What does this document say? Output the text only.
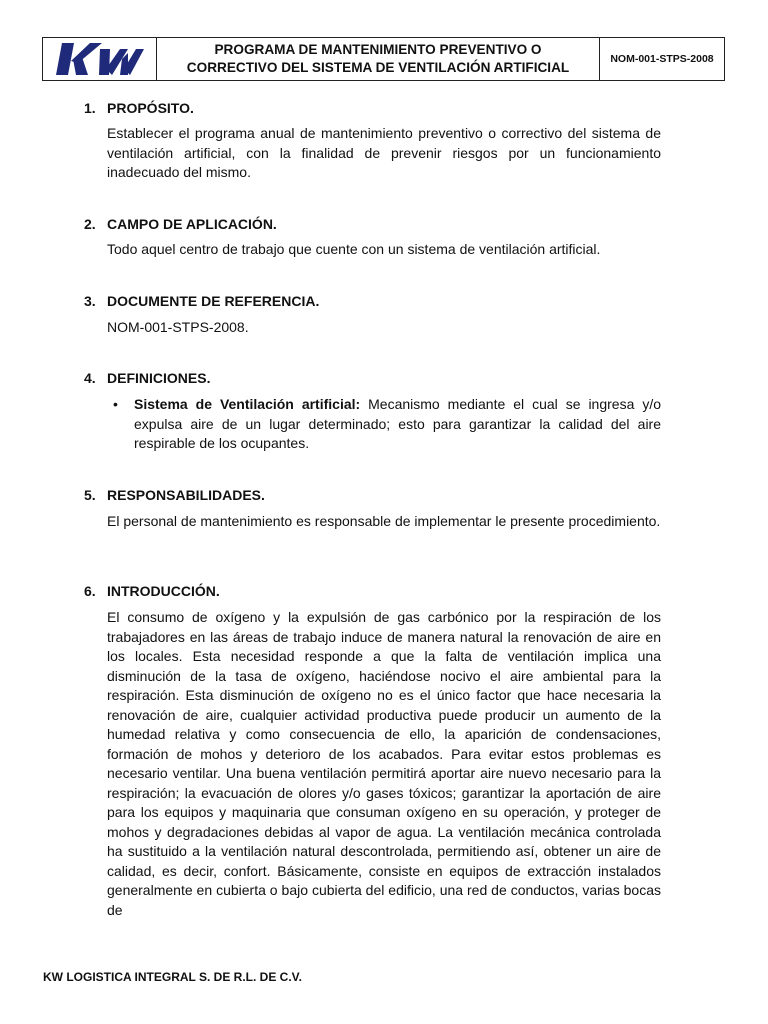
PROGRAMA DE MANTENIMIENTO PREVENTIVO O
CORRECTIVO DEL SISTEMA DE VENTILACIÓN ARTIFICIAL
NOM-001-STPS-2008
1. PROPÓSITO.

Establecer el programa anual de mantenimiento preventivo o correctivo del sistema de ventilación artificial, con la finalidad de prevenir riesgos por un funcionamiento inadecuado del mismo.

2. CAMPO DE APLICACIÓN.

Todo aquel centro de trabajo que cuente con un sistema de ventilación artificial.

3. DOCUMENTE DE REFERENCIA.

NOM-001-STPS-2008.

4. DEFINICIONES.
• Sistema de Ventilación artificial: Mecanismo mediante el cual se ingresa y/o expulsa aire de un lugar determinado; esto para garantizar la calidad del aire respirable de los ocupantes.
5. RESPONSABILIDADES.

El personal de mantenimiento es responsable de implementar le presente procedimiento.

6. INTRODUCCIÓN.

El consumo de oxígeno y la expulsión de gas carbónico por la respiración de los trabajadores en las áreas de trabajo induce de manera natural la renovación de aire en los locales. Esta necesidad responde a que la falta de ventilación implica una disminución de la tasa de oxígeno, haciéndose nocivo el aire ambiental para la respiración. Esta disminución de oxígeno no es el único factor que hace necesaria la renovación de aire, cualquier actividad productiva puede producir un aumento de la humedad relativa y como consecuencia de ello, la aparición de condensaciones, formación de mohos y deterioro de los acabados. Para evitar estos problemas es necesario ventilar. Una buena ventilación permitirá aportar aire nuevo necesario para la respiración; la evacuación de olores y/o gases tóxicos; garantizar la aportación de aire para los equipos y maquinaria que consuman oxígeno en su operación, y proteger de mohos y degradaciones debidas al vapor de agua. La ventilación mecánica controlada ha sustituido a la ventilación natural descontrolada, permitiendo así, obtener un aire de calidad, es decir, confort. Básicamente, consiste en equipos de extracción instalados generalmente en cubierta o bajo cubierta del edificio, una red de conductos, varias bocas de

KW LOGISTICA INTEGRAL S. DE R.L. DE C.V.
